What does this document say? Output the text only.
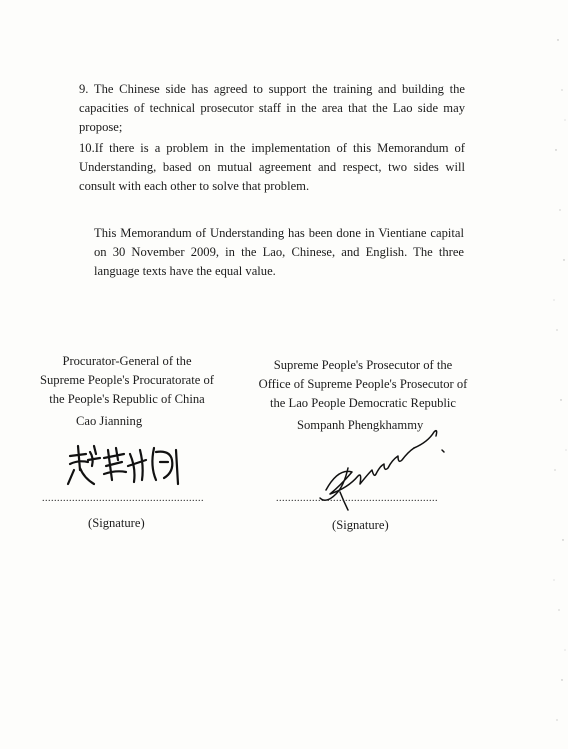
9. The Chinese side has agreed to support the training and building the capacities of technical prosecutor staff in the area that the Lao side may propose;

10.If there is a problem in the implementation of this Memorandum of Understanding, based on mutual agreement and respect, two sides will consult with each other to solve that problem.

This Memorandum of Understanding has been done in Vientiane capital on 30 November 2009, in the Lao, Chinese, and English. The three language texts have the equal value.

Procurator-General of the
Supreme People's Procuratorate of
the People's Republic of China
Cao Jianning
......................................................
(Signature)
Supreme People's Prosecutor of the
Office of Supreme People's Prosecutor of
the Lao People Democratic Republic
Sompanh Phengkhammy
......................................................
(Signature)
